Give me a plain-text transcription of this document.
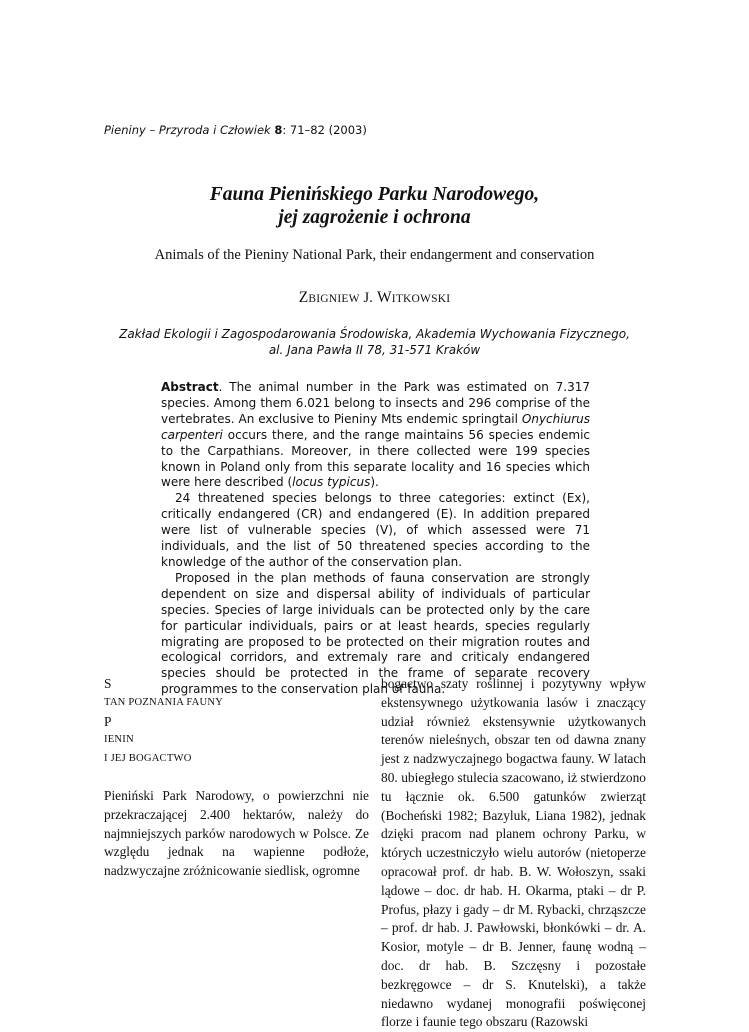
Pieniny – Przyroda i Człowiek 8: 71–82 (2003)
Fauna Pienińskiego Parku Narodowego,
jej zagrożenie i ochrona
Animals of the Pieniny National Park, their endangerment and conservation
ZBIGNIEW J. WITKOWSKI
Zakład Ekologii i Zagospodarowania Środowiska, Akademia Wychowania Fizycznego,
al. Jana Pawła II 78, 31-571 Kraków

Abstract. The animal number in the Park was estimated on 7.317 species. Among them 6.021 belong to insects and 296 comprise of the vertebrates. An exclusive to Pieniny Mts endemic springtail Onychiurus carpenteri occurs there, and the range maintains 56 species endemic to the Carpathians. Moreover, in there collected were 199 species known in Poland only from this separate locality and 16 species which were here described (locus typicus).

24 threatened species belongs to three categories: extinct (Ex), critically endangered (CR) and endangered (E). In addition prepared were list of vulnerable species (V), of which assessed were 71 individuals, and the list of 50 threatened species according to the knowledge of the author of the conservation plan.

Proposed in the plan methods of fauna conservation are strongly dependent on size and dispersal ability of individuals of particular species. Species of large inividuals can be protected only by the care for particular individuals, pairs or at least heards, species regularly migrating are proposed to be protected on their migration routes and ecological corridors, and extremaly rare and criticaly endangered species should be protected in the frame of separate recovery programmes to the conservation plan of fauna.

S
TAN POZNANIA FAUNY
P
IENIN
I JEJ BOGACTWO

Pieniński Park Narodowy, o powierzchni nie przekraczającej 2.400 hektarów, należy do najmniejszych parków narodowych w Polsce. Ze względu jednak na wapienne podłoże, nadzwyczajne zróżnicowanie siedlisk, ogromne

bogactwo szaty roślinnej i pozytywny wpływ ekstensywnego użytkowania lasów i znaczący udział również ekstensywnie użytkowanych terenów nieleśnych, obszar ten od dawna znany jest z nadzwyczajnego bogactwa fauny. W latach 80. ubiegłego stulecia szacowano, iż stwierdzono tu łącznie ok. 6.500 gatunków zwierząt (Bocheński 1982; Bazyluk, Liana 1982), jednak dzięki pracom nad planem ochrony Parku, w których uczestniczyło wielu autorów (nietoperze opracował prof. dr hab. B. W. Wołoszyn, ssaki lądowe – doc. dr hab. H. Okarma, ptaki – dr P. Profus, płazy i gady – dr M. Rybacki, chrząszcze – prof. dr hab. J. Pawłowski, błonkówki – dr. A. Kosior, motyle – dr B. Jenner, faunę wodną – doc. dr hab. B. Szczęsny i pozostałe bezkręgowce – dr S. Knutelski), a także niedawno wydanej monografii poświęconej florze i faunie tego obszaru (Razowski
